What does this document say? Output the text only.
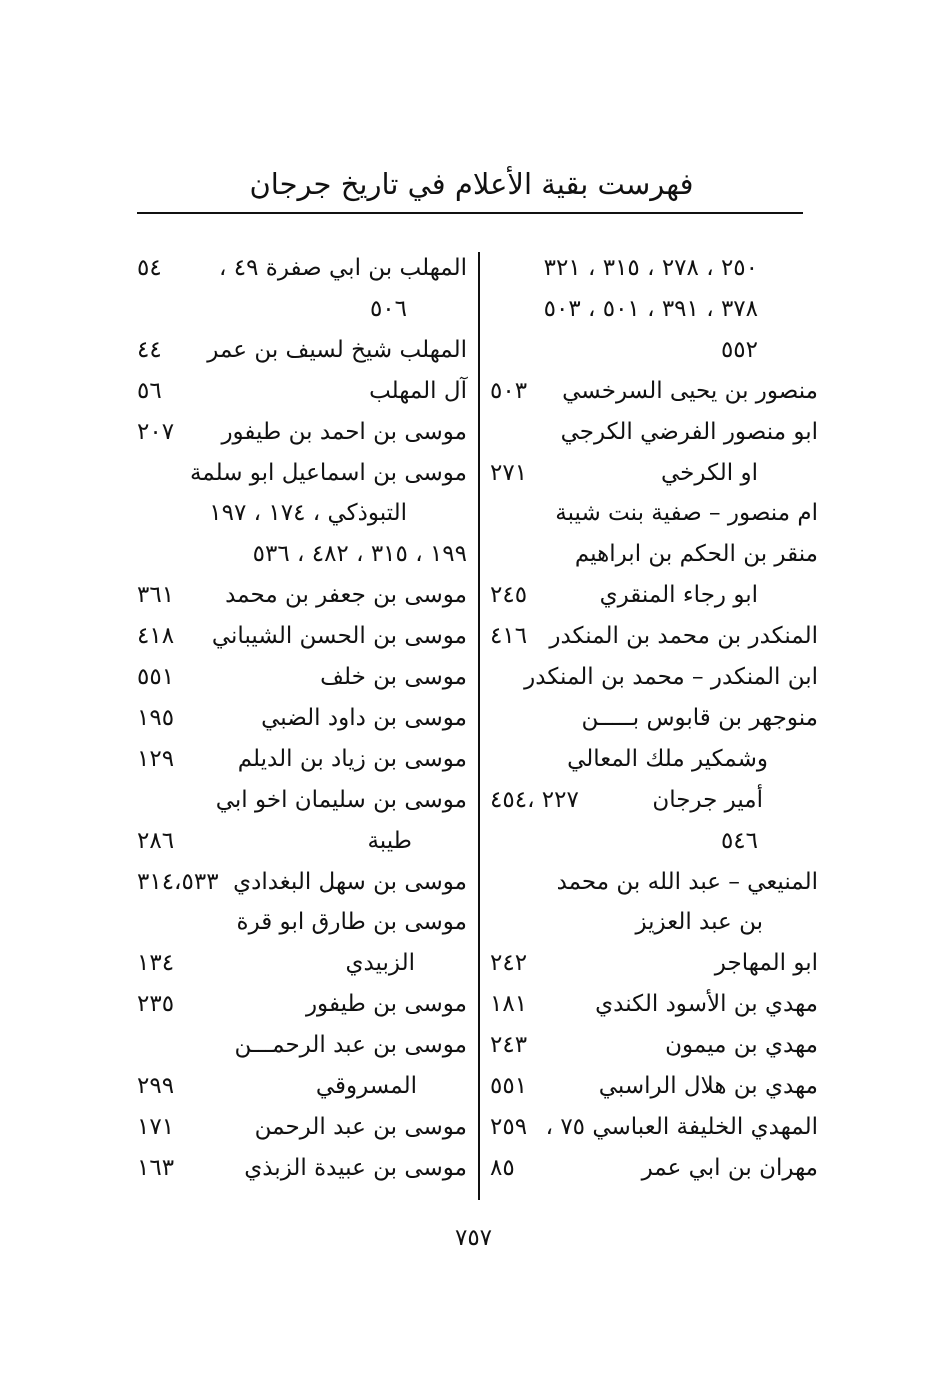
فهرست بقية الأعلام في تاريخ جرجان
٢٥٠ ، ٢٧٨ ، ٣١٥ ، ٣٢١
٣٧٨ ، ٣٩١ ، ٥٠١ ، ٥٠٣
٥٥٢
منصور بن يحيى السرخسي
٥٠٣
ابو منصور الفرضي الكرجي
او الكرخي
٢٧١
ام منصور – صفية بنت شيبة
منقر بن الحكم بن ابراهيم
ابو رجاء المنقري
٢٤٥
المنكدر بن محمد بن المنكدر
٤١٦
ابن المنكدر – محمد بن المنكدر
منوجهر بن قابوس بـــــن
وشمكير ملك المعالي
أمير جرجان
٢٢٧ ،٤٥٤
٥٤٦
المنيعي – عبد الله بن محمد
بن عبد العزيز
ابو المهاجر
٢٤٢
مهدي بن الأسود الكندي
١٨١
مهدي بن ميمون
٢٤٣
مهدي بن هلال الراسبي
٥٥١
المهدي الخليفة العباسي ٧٥ ،
٢٥٩
مهران بن ابي عمر
٨٥
المهلب بن ابي صفرة ٤٩ ،
٥٤
٥٠٦
المهلب شيخ لسيف بن عمر
٤٤
آل المهلب
٥٦
موسى بن احمد بن طيفور
٢٠٧
موسى بن اسماعيل ابو سلمة
التبوذكي ، ١٧٤ ، ١٩٧
١٩٩ ، ٣١٥ ، ٤٨٢ ، ٥٣٦
موسى بن جعفر بن محمد
٣٦١
موسى بن الحسن الشيباني
٤١٨
موسى بن خلف
٥٥١
موسى بن داود الضبي
١٩٥
موسى بن زياد بن الديلم
١٢٩
موسى بن سليمان اخو ابي
طيبة
٢٨٦
موسى بن سهل البغدادي
٣١٤،٥٣٣
موسى بن طارق ابو قرة
الزبيدي
١٣٤
موسى بن طيفور
٢٣٥
موسى بن عبد الرحمـــن
المسروقي
٢٩٩
موسى بن عبد الرحمن
١٧١
موسى بن عبيدة الزبذي
١٦٣
٧٥٧
